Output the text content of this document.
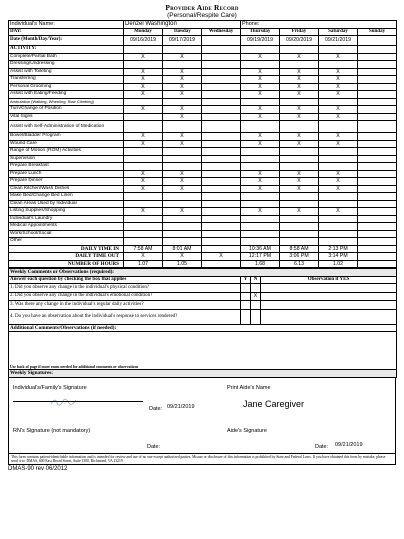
Provider Aide Record
(Personal/Respite Care)
Individual's Name:	Denzel Washington			Phone:			
DAY:	Monday	Tuesday	Wednesday	Thursday	Friday	Saturday	Sunday
Date (Month/Day/Year):	09/16/2019	09/17/2019		09/19/2019	09/20/2019	09/21/2019	
ACTIVITY:							
Complete/Partial Bath	X	X		X	X	X	
Dressing/Undressing							
Assist with Toileting	X	X		X	X	X	
Transferring	X	X		X	X	X	
Personal Grooming	X	X		X	X	X	
Assist with Eating/Feeding	X	X		X	X	X	
Ambulation (Walking, Wheeling, Stair Climbing)							
Turn/Change of Position	X	X		X	X	X	
Vital Signs		X		X	X	X	
Assist with Self-Administration of Medication							
Bowel/Bladder Program	X	X		X	X	X	
Wound Care	X	X		X	X	X	
Range of Motion (ROM) Activities							
Supervision							
Prepare Breakfast							
Prepare Lunch	X	X		X	X	X	
Prepare Dinner	X	X		X	X	X	
Clean Kitchen/Wash Dishes	X	X		X	X	X	
Make Bed/Change Bed Linen							
Clean Areas Used by Individual							
Listing Supplies/Shopping	X	X		X	X	X	
Individual's Laundry							
Medical Appointments							
Work/School/Social							
Other							
DAILY TIME IN	7:58 AM	8:01 AM		10:36 AM	8:58 AM	2:13 PM	
DAILY TIME OUT	X	X	X	12:17 PM	3:06 PM	3:14 PM	
NUMBER OF HOURS	1.07	1.05		1.68	6.13	1.02	
Weekly Comments or Observations (required):			
Answer each question by checking the box that applies	Y	N	Observation if YES
1. Did you observe any change in the individual's physical condition?			
2. Did you observe any change in the individual's emotional condition?		X	
3. Was there any change in the individual's regular daily activities?			
4. Do you have an observation about the individual's response to services rendered?			
Additional Comments/Observations (if needed):			
Use back of page if more room needed for additional comments or observations			
Weekly Signatures:			
Individual's/Family's Signature
Date: 09/21/2019
Print Aide's Name
Jane Caregiver
RN's Signature (not mandatory)	Aide's Signature
Date:	Date: 09/21/2019
This form contains patient-identifiable information and is intended for review and use of no one except authorized parties. Misuse or disclosure of this information is prohibited by State and Federal Laws. If you have obtained this form by mistake, please send it to: DMAS, 600 East Broad Street, Suite 1300, Richmond, VA 23219
DMAS-90 rev 06/2012
